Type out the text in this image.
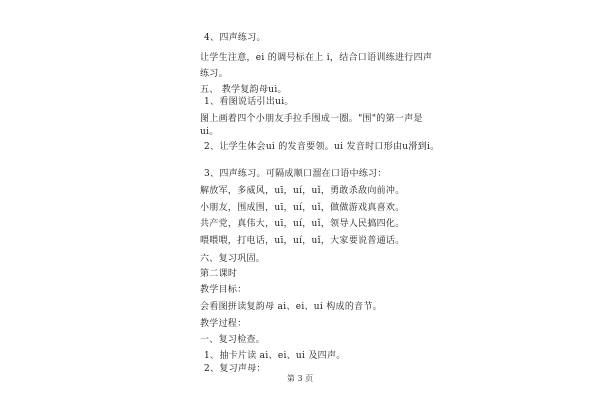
4、四声练习。
让学生注意，ei 的调号标在上 i，结合口语训练进行四声
练习。
五、 教学复韵母ui。
1、看图说话引出ui。
图上画着四个小朋友手拉手围成一圈。"围"的第一声是
ui。
2、让学生体会ui 的发音要领。ui 发音时口形由u滑到i。
3、四声练习。可隔成顺口溜在口语中练习：
解放军，多威风，uī，uí，uǐ，勇敢杀敌向前冲。
小朋友，围成围，uī，uí，uǐ，做做游戏真喜欢。
共产党，真伟大，uī，uí，uǐ，领导人民搞四化。
喂喂喂，打电话，uī，uí，uǐ，大家要说普通话。
六、复习巩固。
第二课时
教学目标：
会看图拼读复韵母 ai、ei、ui 构成的音节。
教学过程：
一、复习检查。
1、抽卡片读 ai、ei、ui 及四声。
2、复习声母：
第 3 页
